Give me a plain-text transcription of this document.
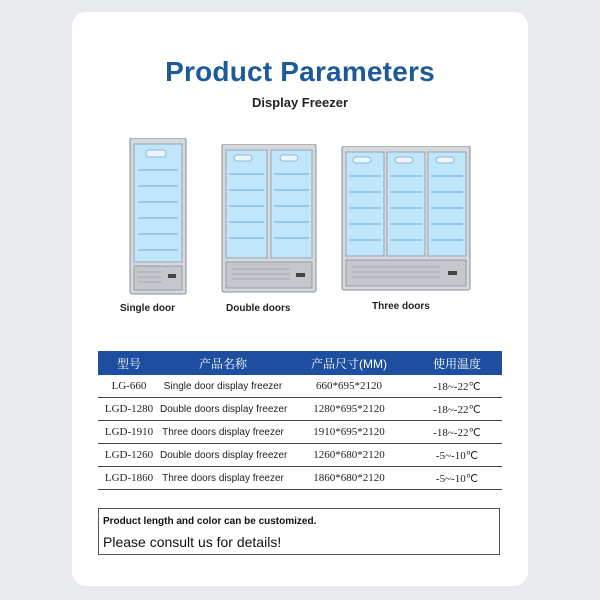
Product Parameters
Display Freezer
Single door	Double doors	Three doors
型号	产品名称	产品尺寸(MM)	使用温度
LG-660	Single door display freezer	660*695*2120	-18~-22℃
LGD-1280	Double doors display freezer	1280*695*2120	-18~-22℃
LGD-1910	Three doors display freezer	1910*695*2120	-18~-22℃
LGD-1260	Double doors display freezer	1260*680*2120	-5~-10℃
LGD-1860	Three doors display freezer	1860*680*2120	-5~-10℃
Product length and color can be customized.
Please consult us for details!
